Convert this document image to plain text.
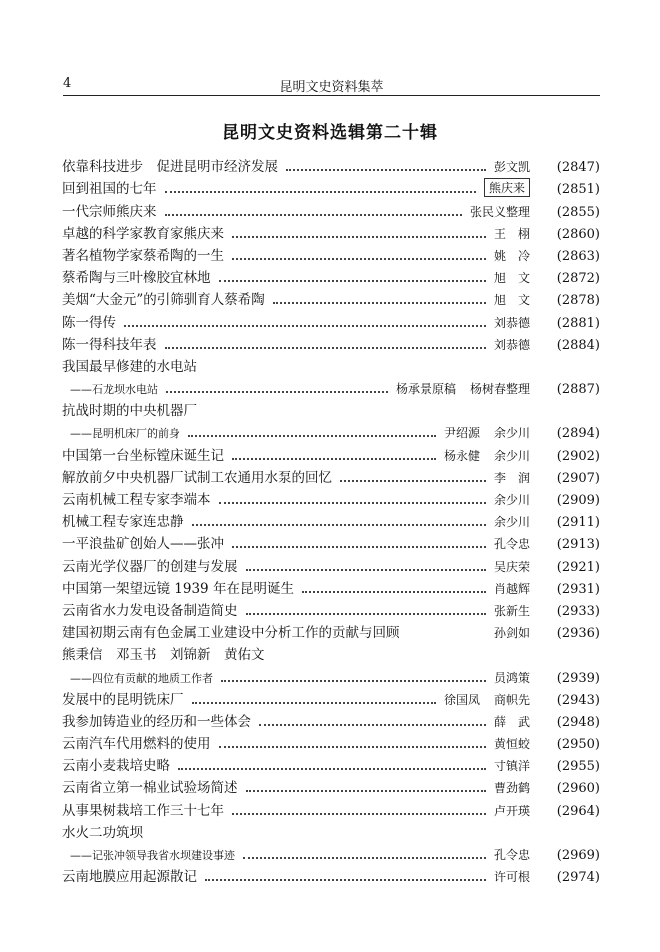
4	昆明文史资料集萃
昆明文史资料选辑第二十辑
依靠科技进步　促进昆明市经济发展	彭文凯	(2847)
回到祖国的七年	熊庆来	(2851)
一代宗师熊庆来	张民义整理	(2855)
卓越的科学家教育家熊庆来	王　栩	(2860)
著名植物学家蔡希陶的一生	姚　冷	(2863)
蔡希陶与三叶橡胶宜林地	旭　文	(2872)
美烟“大金元”的引筛驯育人蔡希陶	旭　文	(2878)
陈一得传	刘恭德	(2881)
陈一得科技年表	刘恭德	(2884)
我国最早修建的水电站
——石龙坝水电站	杨承景原稿 杨树春整理	(2887)
抗战时期的中央机器厂
——昆明机床厂的前身	尹绍源 余少川	(2894)
中国第一台坐标镗床诞生记	杨永健 余少川	(2902)
解放前夕中央机器厂试制工农通用水泵的回忆	李　润	(2907)
云南机械工程专家李端本	余少川	(2909)
机械工程专家连忠静	余少川	(2911)
一平浪盐矿创始人——张冲	孔令忠	(2913)
云南光学仪器厂的创建与发展	吴庆荣	(2921)
中国第一架望远镜 1939 年在昆明诞生	肖越辉	(2931)
云南省水力发电设备制造简史	张新生	(2933)
建国初期云南有色金属工业建设中分析工作的贡献与回顾	孙剑如	(2936)
熊秉信　邓玉书　刘锦新　黄佑文
——四位有贡献的地质工作者	员鸿策	(2939)
发展中的昆明铣床厂	徐国凤 商帜先	(2943)
我参加铸造业的经历和一些体会	薛　武	(2948)
云南汽车代用燃料的使用	黄恒蛟	(2950)
云南小麦栽培史略	寸镇洋	(2955)
云南省立第一棉业试验场简述	曹劲鹤	(2960)
从事果树栽培工作三十七年	卢开瑛	(2964)
水火二功筑坝
——记张冲领导我省水坝建设事迹	孔令忠	(2969)
云南地膜应用起源散记	许可根	(2974)
